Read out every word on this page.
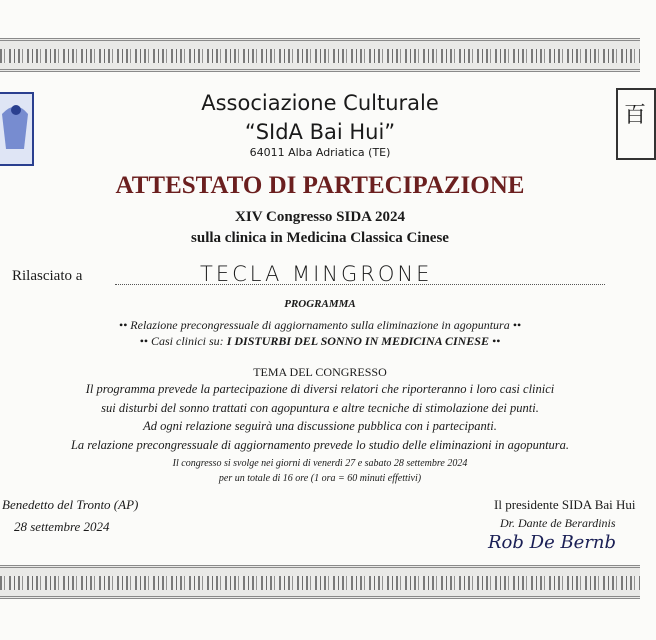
百
Associazione Culturale
“SIdA Bai Hui”
64011 Alba Adriatica (TE)
ATTESTATO DI PARTECIPAZIONE
XIV Congresso SIDA 2024
sulla clinica in Medicina Classica Cinese
Rilasciato a	TECLA MINGRONE
PROGRAMMA
•• Relazione precongressuale di aggiornamento sulla eliminazione in agopuntura ••
•• Casi clinici su: I DISTURBI DEL SONNO IN MEDICINA CINESE ••
TEMA DEL CONGRESSO
Il programma prevede la partecipazione di diversi relatori che riporteranno i loro casi clinici
sui disturbi del sonno trattati con agopuntura e altre tecniche di stimolazione dei punti.
Ad ogni relazione seguirà una discussione pubblica con i partecipanti.
La relazione precongressuale di aggiornamento prevede lo studio delle eliminazioni in agopuntura.
Il congresso si svolge nei giorni di venerdì 27 e sabato 28 settembre 2024
per un totale di 16 ore (1 ora = 60 minuti effettivi)
Benedetto del Tronto (AP)
28 settembre 2024
Il presidente SIDA Bai Hui
Dr. Dante de Berardinis
Rob De Bernb
